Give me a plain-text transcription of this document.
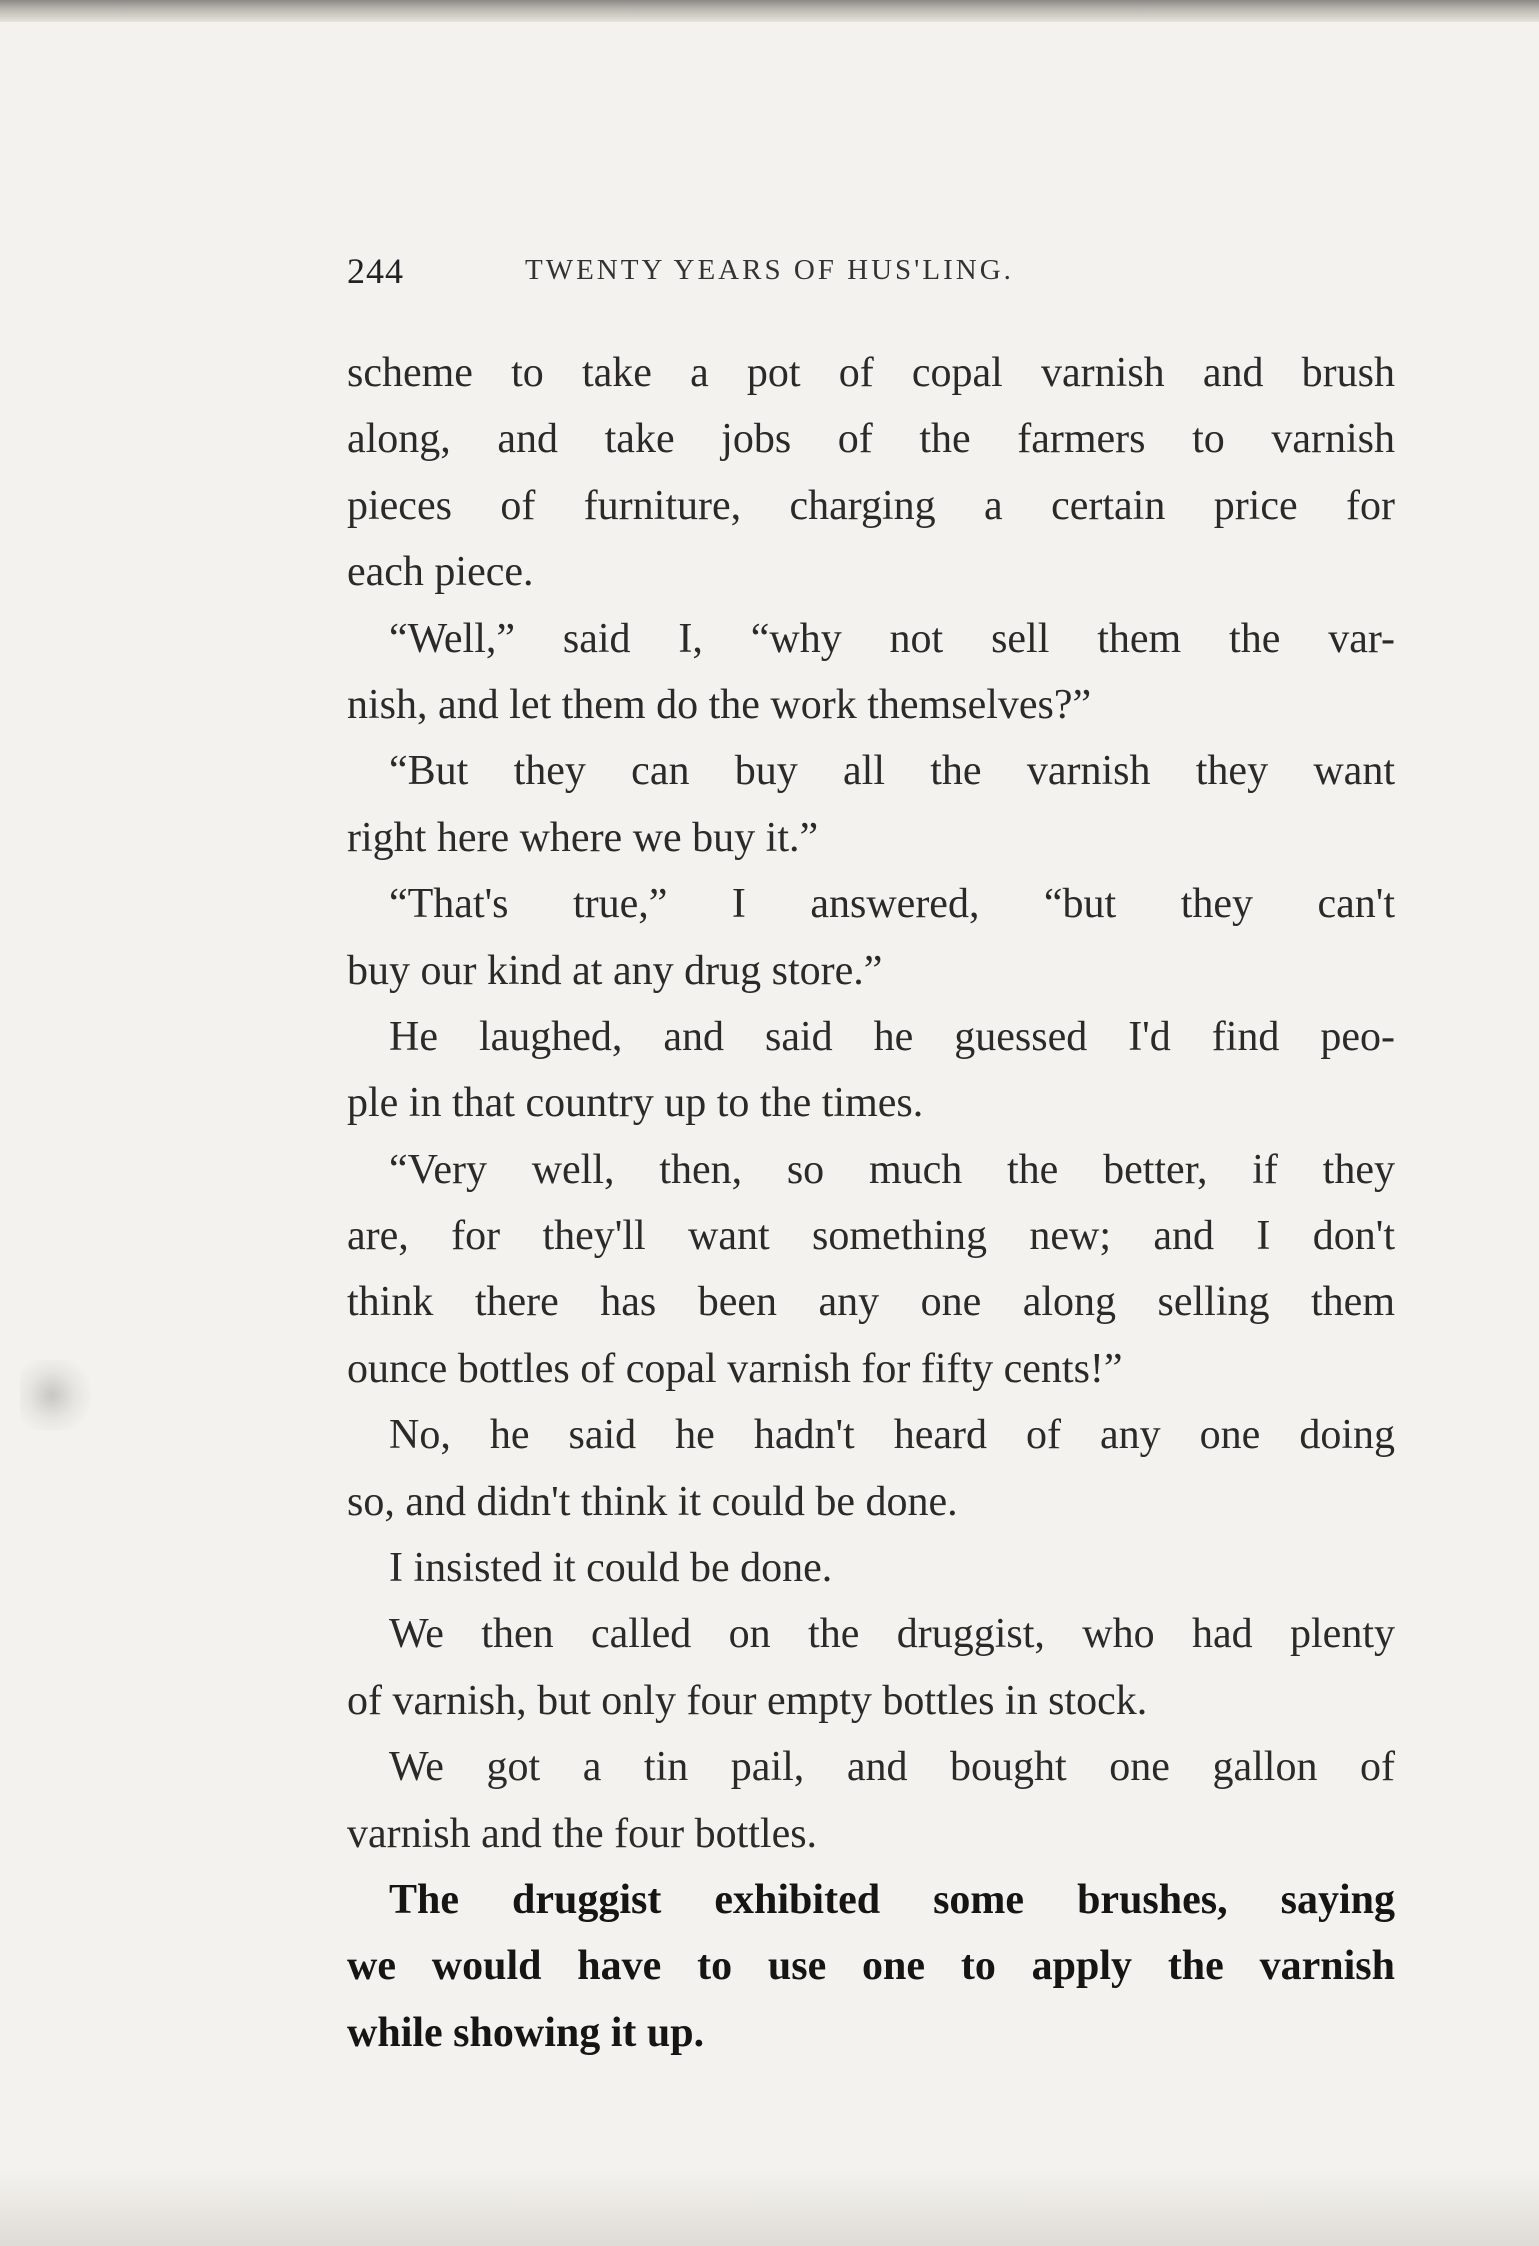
244	TWENTY YEARS OF HUS'LING.
scheme to take a pot of copal varnish and brush
along, and take jobs of the farmers to varnish
pieces of furniture, charging a certain price for
each piece.
“Well,” said I, “why not sell them the var-
nish, and let them do the work themselves?”
“But they can buy all the varnish they want
right here where we buy it.”
“That's true,” I answered, “but they can't
buy our kind at any drug store.”
He laughed, and said he guessed I'd find peo-
ple in that country up to the times.
“Very well, then, so much the better, if they
are, for they'll want something new; and I don't
think there has been any one along selling them
ounce bottles of copal varnish for fifty cents!”
No, he said he hadn't heard of any one doing
so, and didn't think it could be done.
I insisted it could be done.
We then called on the druggist, who had plenty
of varnish, but only four empty bottles in stock.
We got a tin pail, and bought one gallon of
varnish and the four bottles.
The druggist exhibited some brushes, saying
we would have to use one to apply the varnish
while showing it up.
